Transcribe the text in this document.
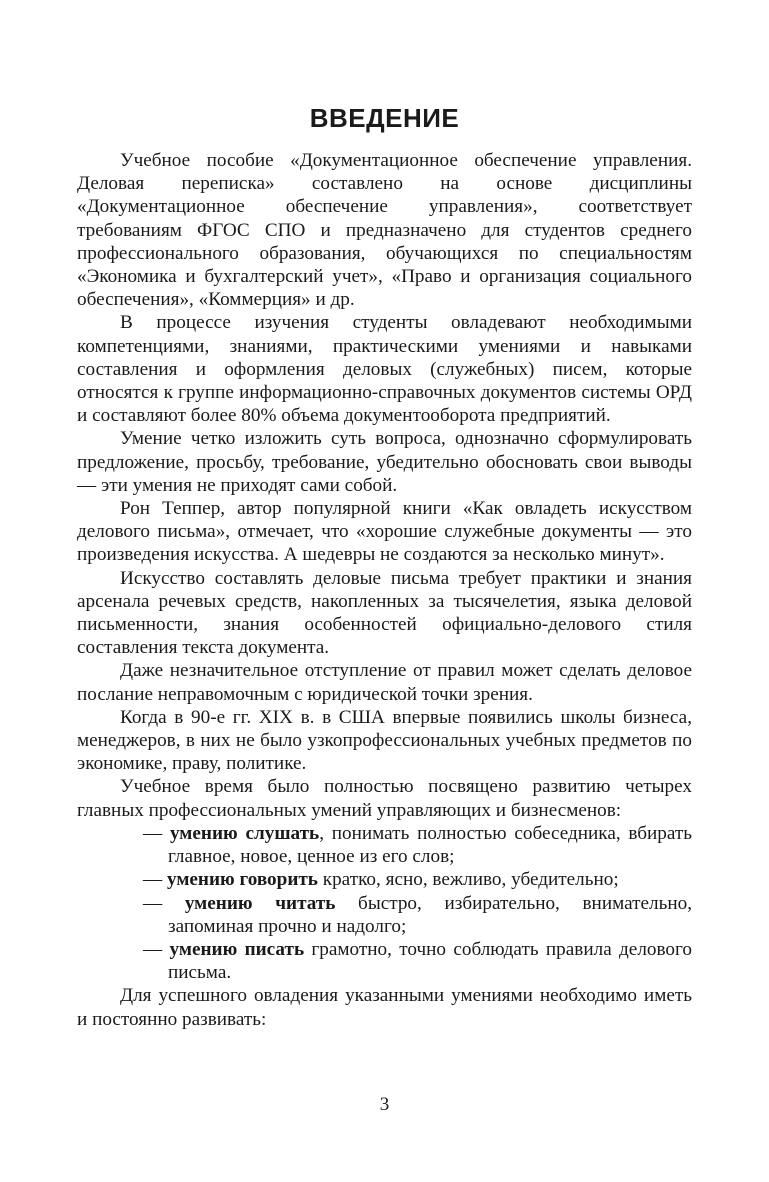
ВВЕДЕНИЕ

Учебное пособие «Документационное обеспечение управления. Деловая переписка» составлено на основе дисциплины «Документационное обеспечение управления», соответствует требованиям ФГОС СПО и предназначено для студентов среднего профессионального образования, обучающихся по специальностям «Экономика и бухгалтерский учет», «Право и организация социального обеспечения», «Коммерция» и др.

В процессе изучения студенты овладевают необходимыми компетенциями, знаниями, практическими умениями и навыками составления и оформления деловых (служебных) писем, которые относятся к группе информационно-справочных документов системы ОРД и составляют более 80% объема документооборота предприятий.

Умение четко изложить суть вопроса, однозначно сформулировать предложение, просьбу, требование, убедительно обосновать свои выводы — эти умения не приходят сами собой.

Рон Теппер, автор популярной книги «Как овладеть искусством делового письма», отмечает, что «хорошие служебные документы — это произведения искусства. А шедевры не создаются за несколько минут».

Искусство составлять деловые письма требует практики и знания арсенала речевых средств, накопленных за тысячелетия, языка деловой письменности, знания особенностей официально-делового стиля составления текста документа.

Даже незначительное отступление от правил может сделать деловое послание неправомочным с юридической точки зрения.

Когда в 90-е гг. XIX в. в США впервые появились школы бизнеса, менеджеров, в них не было узкопрофессиональных учебных предметов по экономике, праву, политике.

Учебное время было полностью посвящено развитию четырех главных профессиональных умений управляющих и бизнесменов:

— умению слушать, понимать полностью собеседника, вбирать главное, новое, ценное из его слов;

— умению говорить кратко, ясно, вежливо, убедительно;

— умению читать быстро, избирательно, внимательно, запоминая прочно и надолго;

— умению писать грамотно, точно соблюдать правила делового письма.

Для успешного овладения указанными умениями необходимо иметь и постоянно развивать:

3
